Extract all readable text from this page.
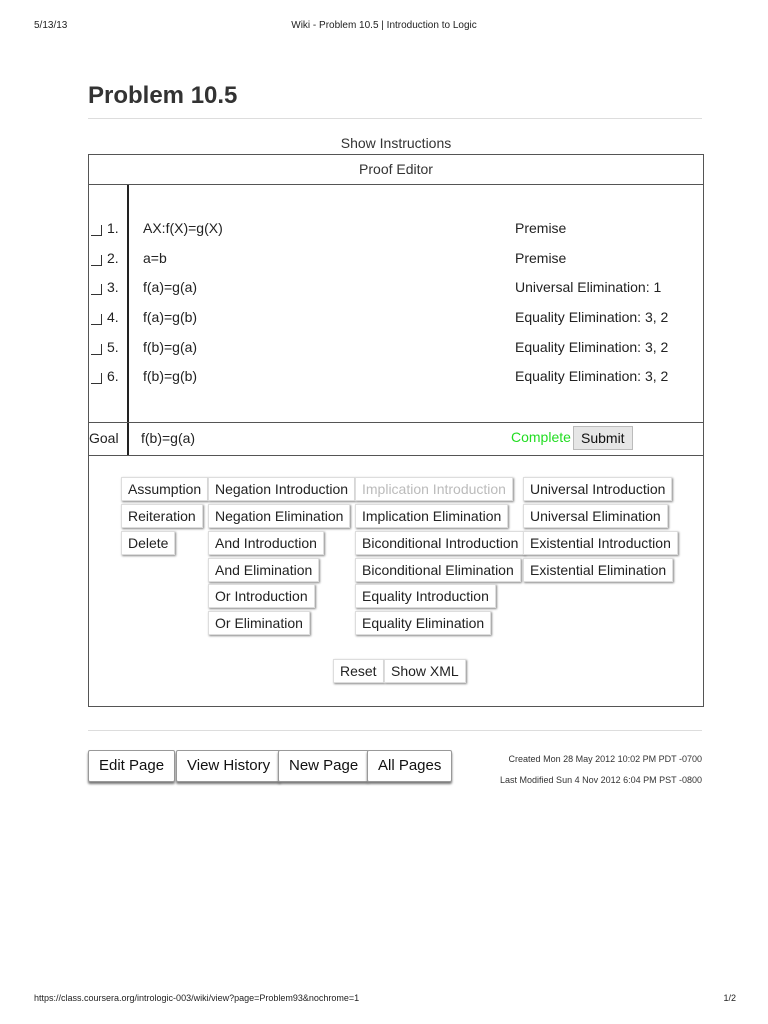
5/13/13	Wiki - Problem 10.5 | Introduction to Logic
Problem 10.5
Show Instructions
Proof Editor
1. AX:f(X)=g(X)	Premise
2. a=b	Premise
3. f(a)=g(a)	Universal Elimination: 1
4. f(a)=g(b)	Equality Elimination: 3, 2
5. f(b)=g(a)	Equality Elimination: 3, 2
6. f(b)=g(b)	Equality Elimination: 3, 2
Goal f(b)=g(a)	Complete Submit
Assumption
Reiteration
Delete
Negation Introduction
Negation Elimination
And Introduction
And Elimination
Or Introduction
Or Elimination
Implication Introduction
Implication Elimination
Biconditional Introduction
Biconditional Elimination
Equality Introduction
Equality Elimination
Universal Introduction
Universal Elimination
Existential Introduction
Existential Elimination
Reset	Show XML
Edit Page	View History	New Page	All Pages	Created Mon 28 May 2012 10:02 PM PDT -0700
Last Modified Sun 4 Nov 2012 6:04 PM PST -0800
https://class.coursera.org/intrologic-003/wiki/view?page=Problem93&nochrome=1	1/2
